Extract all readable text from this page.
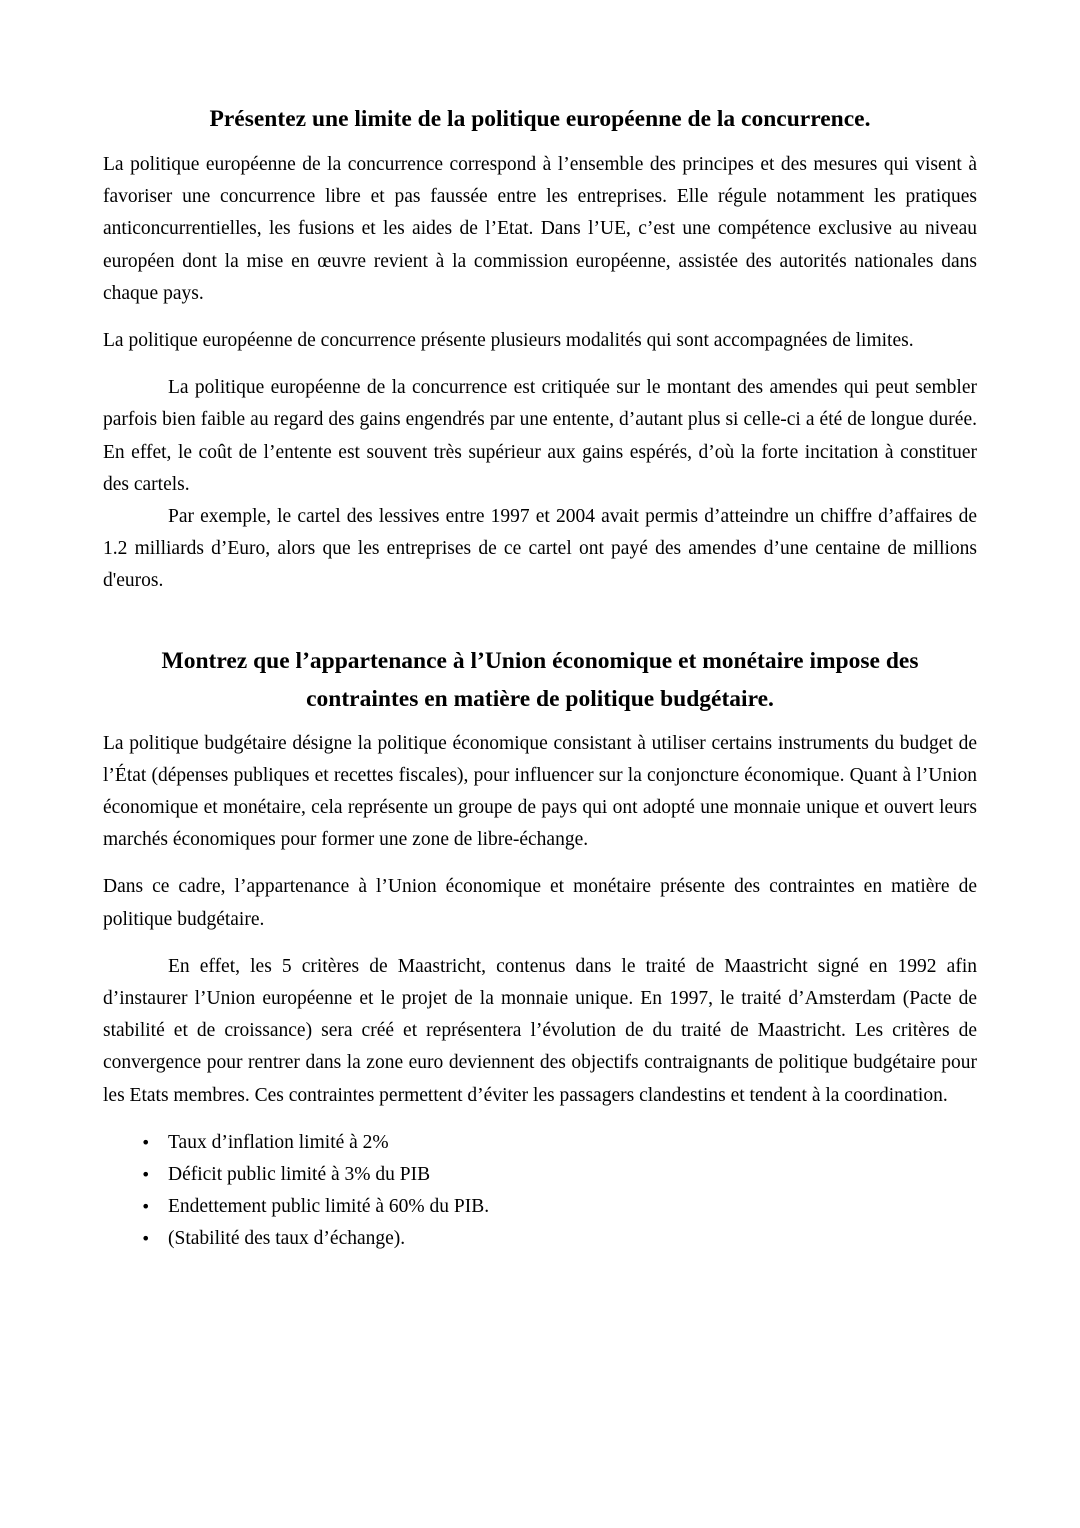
Présentez une limite de la politique européenne de la concurrence.

La politique européenne de la concurrence correspond à l’ensemble des principes et des mesures qui visent à favoriser une concurrence libre et pas faussée entre les entreprises. Elle régule notamment les pratiques anticoncurrentielles, les fusions et les aides de l’Etat. Dans l’UE, c’est une compétence exclusive au niveau européen dont la mise en œuvre revient à la commission européenne, assistée des autorités nationales dans chaque pays.

La politique européenne de concurrence présente plusieurs modalités qui sont accompagnées de limites.

La politique européenne de la concurrence est critiquée sur le montant des amendes qui peut sembler parfois bien faible au regard des gains engendrés par une entente, d’autant plus si celle-ci a été de longue durée. En effet, le coût de l’entente est souvent très supérieur aux gains espérés, d’où la forte incitation à constituer des cartels.

Par exemple, le cartel des lessives entre 1997 et 2004 avait permis d’atteindre un chiffre d’affaires de 1.2 milliards d’Euro, alors que les entreprises de ce cartel ont payé des amendes d’une centaine de millions d'euros.

Montrez que l’appartenance à l’Union économique et monétaire impose des
contraintes en matière de politique budgétaire.

La politique budgétaire désigne la politique économique consistant à utiliser certains instruments du budget de l’État (dépenses publiques et recettes fiscales), pour influencer sur la conjoncture économique. Quant à l’Union économique et monétaire, cela représente un groupe de pays qui ont adopté une monnaie unique et ouvert leurs marchés économiques pour former une zone de libre-échange.

Dans ce cadre, l’appartenance à l’Union économique et monétaire présente des contraintes en matière de politique budgétaire.

En effet, les 5 critères de Maastricht, contenus dans le traité de Maastricht signé en 1992 afin d’instaurer l’Union européenne et le projet de la monnaie unique. En 1997, le traité d’Amsterdam (Pacte de stabilité et de croissance) sera créé et représentera l’évolution de du traité de Maastricht. Les critères de convergence pour rentrer dans la zone euro deviennent des objectifs contraignants de politique budgétaire pour les Etats membres. Ces contraintes permettent d’éviter les passagers clandestins et tendent à la coordination.

• Taux d’inflation limité à 2%
• Déficit public limité à 3% du PIB
• Endettement public limité à 60% du PIB.
• (Stabilité des taux d’échange).
